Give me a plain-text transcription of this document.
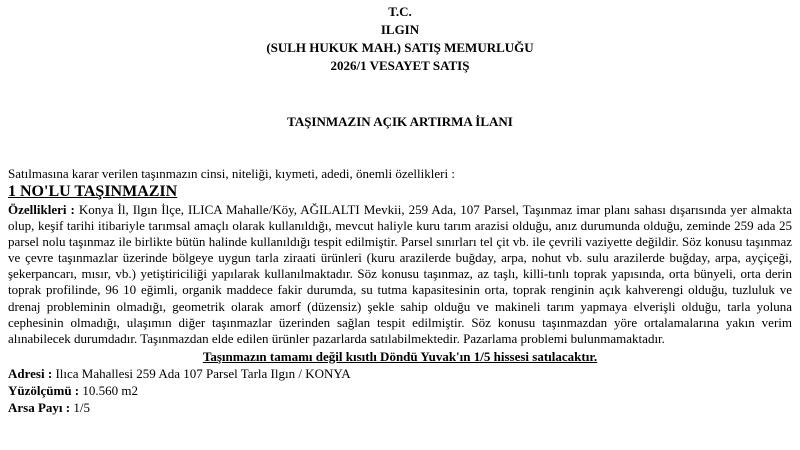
T.C.
ILGIN
(SULH HUKUK MAH.) SATIŞ MEMURLUĞU
2026/1 VESAYET SATIŞ
TAŞINMAZIN AÇIK ARTIRMA İLANI
Satılmasına karar verilen taşınmazın cinsi, niteliği, kıymeti, adedi, önemli özellikleri :
1 NO'LU TAŞINMAZIN
Özellikleri : Konya İl, Ilgın İlçe, ILICA Mahalle/Köy, AĞILALTI Mevkii, 259 Ada, 107 Parsel, Taşınmaz imar planı sahası dışarısında yer almakta olup, keşif tarihi itibariyle tarımsal amaçlı olarak kullanıldığı, mevcut haliyle kuru tarım arazisi olduğu, anız durumunda olduğu, zeminde 259 ada 25 parsel nolu taşınmaz ile birlikte bütün halinde kullanıldığı tespit edilmiştir. Parsel sınırları tel çit vb. ile çevrili vaziyette değildir. Söz konusu taşınmaz ve çevre taşınmazlar üzerinde bölgeye uygun tarla ziraati ürünleri (kuru arazilerde buğday, arpa, nohut vb. sulu arazilerde buğday, arpa, ayçiçeği, şekerpancarı, mısır, vb.) yetiştiriciliği yapılarak kullanılmaktadır. Söz konusu taşınmaz, az taşlı, killi-tınlı toprak yapısında, orta bünyeli, orta derin toprak profilinde, 96 10 eğimli, organik maddece fakir durumda, su tutma kapasitesinin orta, toprak renginin açık kahverengi olduğu, tuzluluk ve drenaj probleminin olmadığı, geometrik olarak amorf (düzensiz) şekle sahip olduğu ve makineli tarım yapmaya elverişli olduğu, tarla yoluna cephesinin olmadığı, ulaşımın diğer taşınmazlar üzerinden sağlan tespit edilmiştir. Söz konusu taşınmazdan yöre ortalamalarına yakın verim alınabilecek durumdadır. Taşınmazdan elde edilen ürünler pazarlarda satılabilmektedir. Pazarlama problemi bulunmamaktadır.
Taşınmazın tamamı değil kısıtlı Döndü Yuvak'ın 1/5 hissesi satılacaktır.
Adresi : Ilıca Mahallesi 259 Ada 107 Parsel Tarla Ilgın / KONYA
Yüzölçümü : 10.560 m2
Arsa Payı : 1/5
